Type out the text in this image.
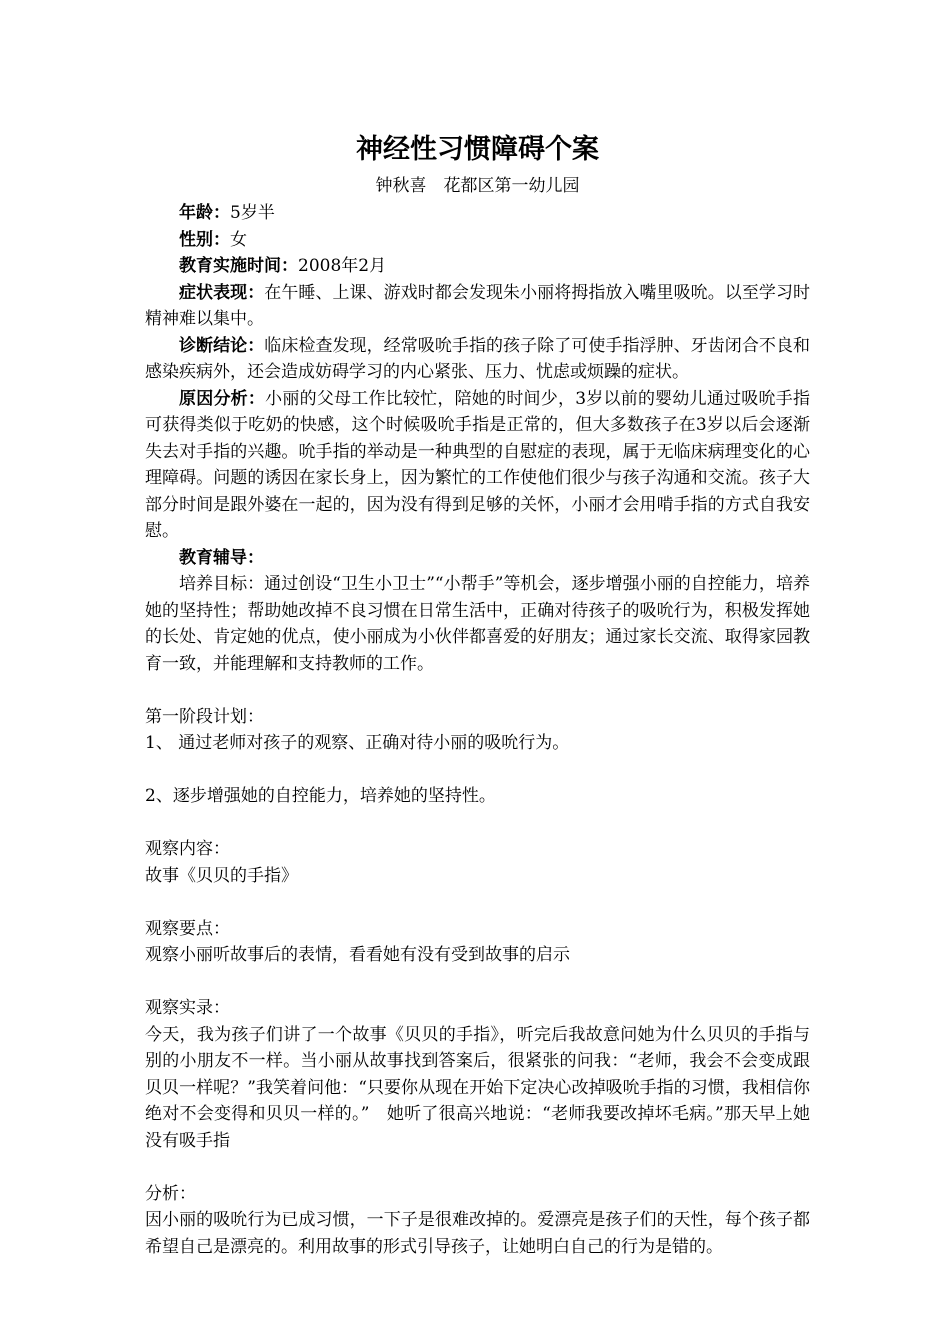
神经性习惯障碍个案
钟秋喜　花都区第一幼儿园

年龄：5岁半

性别：女

教育实施时间：2008年2月

症状表现：在午睡、上课、游戏时都会发现朱小丽将拇指放入嘴里吸吮。以至学习时精神难以集中。

诊断结论：临床检查发现，经常吸吮手指的孩子除了可使手指浮肿、牙齿闭合不良和感染疾病外，还会造成妨碍学习的内心紧张、压力、忧虑或烦躁的症状。

原因分析：小丽的父母工作比较忙，陪她的时间少，3岁以前的婴幼儿通过吸吮手指可获得类似于吃奶的快感，这个时候吸吮手指是正常的，但大多数孩子在3岁以后会逐渐失去对手指的兴趣。吮手指的举动是一种典型的自慰症的表现，属于无临床病理变化的心理障碍。问题的诱因在家长身上，因为繁忙的工作使他们很少与孩子沟通和交流。孩子大部分时间是跟外婆在一起的，因为没有得到足够的关怀，小丽才会用啃手指的方式自我安慰。

教育辅导：

培养目标：通过创设“卫生小卫士”“小帮手”等机会，逐步增强小丽的自控能力，培养她的坚持性；帮助她改掉不良习惯在日常生活中，正确对待孩子的吸吮行为，积极发挥她的长处、肯定她的优点，使小丽成为小伙伴都喜爱的好朋友；通过家长交流、取得家园教育一致，并能理解和支持教师的工作。

第一阶段计划：

1、 通过老师对孩子的观察、正确对待小丽的吸吮行为。

2、逐步增强她的自控能力，培养她的坚持性。

观察内容：

故事《贝贝的手指》

观察要点：

观察小丽听故事后的表情，看看她有没有受到故事的启示

观察实录：

今天，我为孩子们讲了一个故事《贝贝的手指》，听完后我故意问她为什么贝贝的手指与别的小朋友不一样。当小丽从故事找到答案后，很紧张的问我：“老师，我会不会变成跟贝贝一样呢？”我笑着问他：“只要你从现在开始下定决心改掉吸吮手指的习惯，我相信你绝对不会变得和贝贝一样的。”　她听了很高兴地说：“老师我要改掉坏毛病。”那天早上她没有吸手指

分析：

因小丽的吸吮行为已成习惯，一下子是很难改掉的。爱漂亮是孩子们的天性，每个孩子都希望自己是漂亮的。利用故事的形式引导孩子，让她明白自己的行为是错的。
